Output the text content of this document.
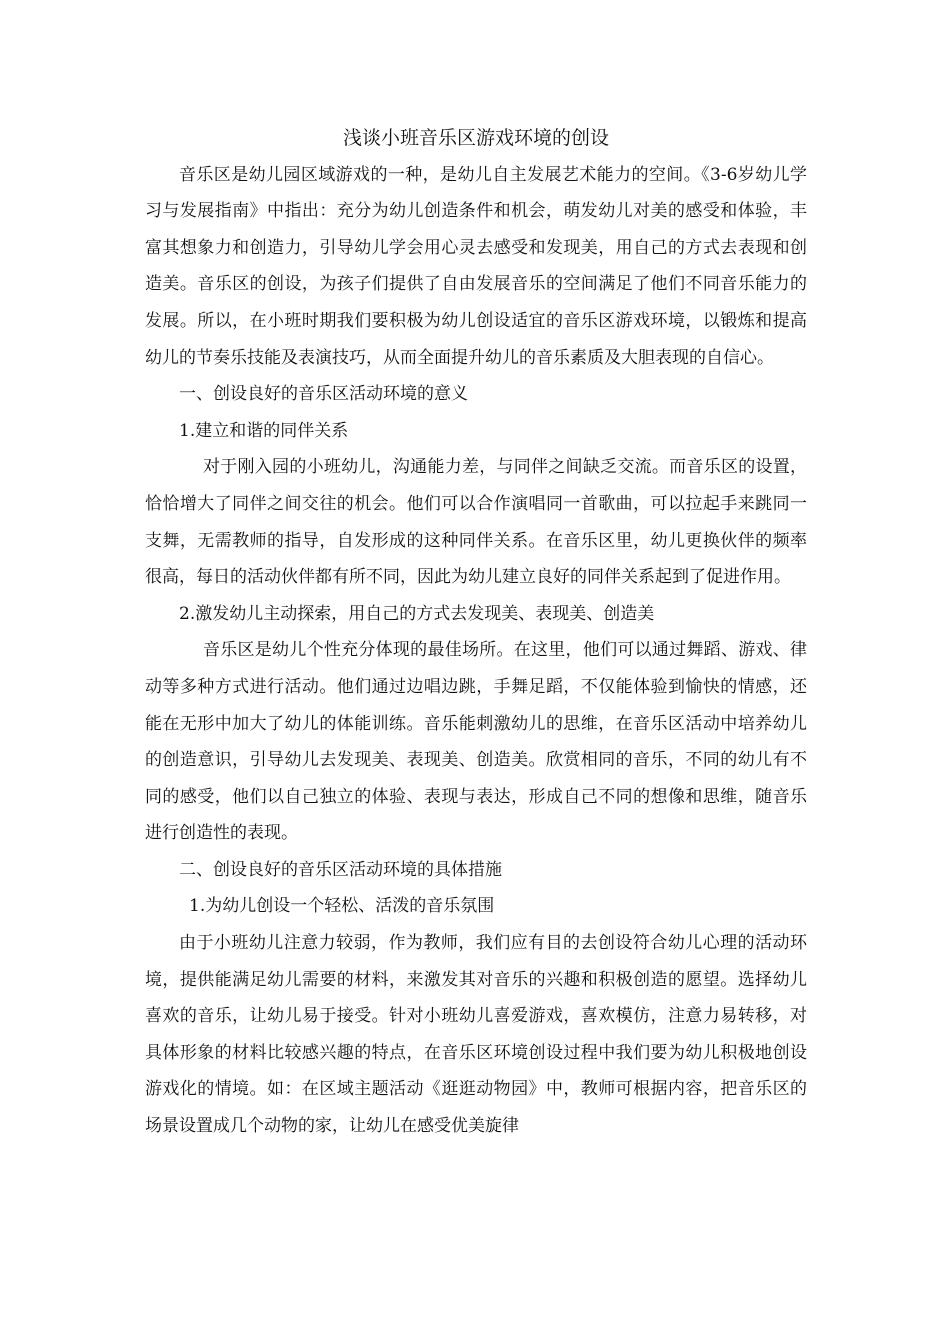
浅谈小班音乐区游戏环境的创设

音乐区是幼儿园区域游戏的一种，是幼儿自主发展艺术能力的空间。《3-6岁幼儿学习与发展指南》中指出：充分为幼儿创造条件和机会，萌发幼儿对美的感受和体验，丰富其想象力和创造力，引导幼儿学会用心灵去感受和发现美，用自己的方式去表现和创造美。音乐区的创设，为孩子们提供了自由发展音乐的空间满足了他们不同音乐能力的发展。所以，在小班时期我们要积极为幼儿创设适宜的音乐区游戏环境，以锻炼和提高幼儿的节奏乐技能及表演技巧，从而全面提升幼儿的音乐素质及大胆表现的自信心。

一、创设良好的音乐区活动环境的意义

1.建立和谐的同伴关系

对于刚入园的小班幼儿，沟通能力差，与同伴之间缺乏交流。而音乐区的设置，恰恰增大了同伴之间交往的机会。他们可以合作演唱同一首歌曲，可以拉起手来跳同一支舞，无需教师的指导，自发形成的这种同伴关系。在音乐区里，幼儿更换伙伴的频率很高，每日的活动伙伴都有所不同，因此为幼儿建立良好的同伴关系起到了促进作用。

2.激发幼儿主动探索，用自己的方式去发现美、表现美、创造美

音乐区是幼儿个性充分体现的最佳场所。在这里，他们可以通过舞蹈、游戏、律动等多种方式进行活动。他们通过边唱边跳，手舞足蹈，不仅能体验到愉快的情感，还能在无形中加大了幼儿的体能训练。音乐能刺激幼儿的思维，在音乐区活动中培养幼儿的创造意识，引导幼儿去发现美、表现美、创造美。欣赏相同的音乐，不同的幼儿有不同的感受，他们以自己独立的体验、表现与表达，形成自己不同的想像和思维，随音乐进行创造性的表现。

二、创设良好的音乐区活动环境的具体措施

1.为幼儿创设一个轻松、活泼的音乐氛围

由于小班幼儿注意力较弱，作为教师，我们应有目的去创设符合幼儿心理的活动环境，提供能满足幼儿需要的材料，来激发其对音乐的兴趣和积极创造的愿望。选择幼儿喜欢的音乐，让幼儿易于接受。针对小班幼儿喜爱游戏，喜欢模仿，注意力易转移，对具体形象的材料比较感兴趣的特点，在音乐区环境创设过程中我们要为幼儿积极地创设游戏化的情境。如：在区域主题活动《逛逛动物园》中，教师可根据内容，把音乐区的场景设置成几个动物的家，让幼儿在感受优美旋律
